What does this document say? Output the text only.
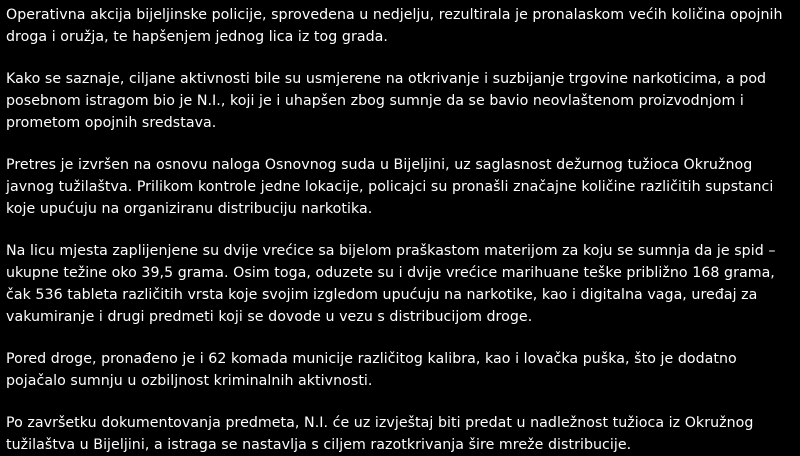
Operativna akcija bijeljinske policije, sprovedena u nedjelju, rezultirala je pronalaskom većih količina opojnih droga i oružja, te hapšenjem jednog lica iz tog grada.

Kako se saznaje, ciljane aktivnosti bile su usmjerene na otkrivanje i suzbijanje trgovine narkoticima, a pod posebnom istragom bio je N.I., koji je i uhapšen zbog sumnje da se bavio neovlaštenom proizvodnjom i prometom opojnih sredstava.

Pretres je izvršen na osnovu naloga Osnovnog suda u Bijeljini, uz saglasnost dežurnog tužioca Okružnog javnog tužilaštva. Prilikom kontrole jedne lokacije, policajci su pronašli značajne količine različitih supstanci koje upućuju na organiziranu distribuciju narkotika.

Na licu mjesta zaplijenjene su dvije vrećice sa bijelom praškastom materijom za koju se sumnja da je spid – ukupne težine oko 39,5 grama. Osim toga, oduzete su i dvije vrećice marihuane teške približno 168 grama, čak 536 tableta različitih vrsta koje svojim izgledom upućuju na narkotike, kao i digitalna vaga, uređaj za vakumiranje i drugi predmeti koji se dovode u vezu s distribucijom droge.

Pored droge, pronađeno je i 62 komada municije različitog kalibra, kao i lovačka puška, što je dodatno pojačalo sumnju u ozbiljnost kriminalnih aktivnosti.

Po završetku dokumentovanja predmeta, N.I. će uz izvještaj biti predat u nadležnost tužioca iz Okružnog tužilaštva u Bijeljini, a istraga se nastavlja s ciljem razotkrivanja šire mreže distribucije.
